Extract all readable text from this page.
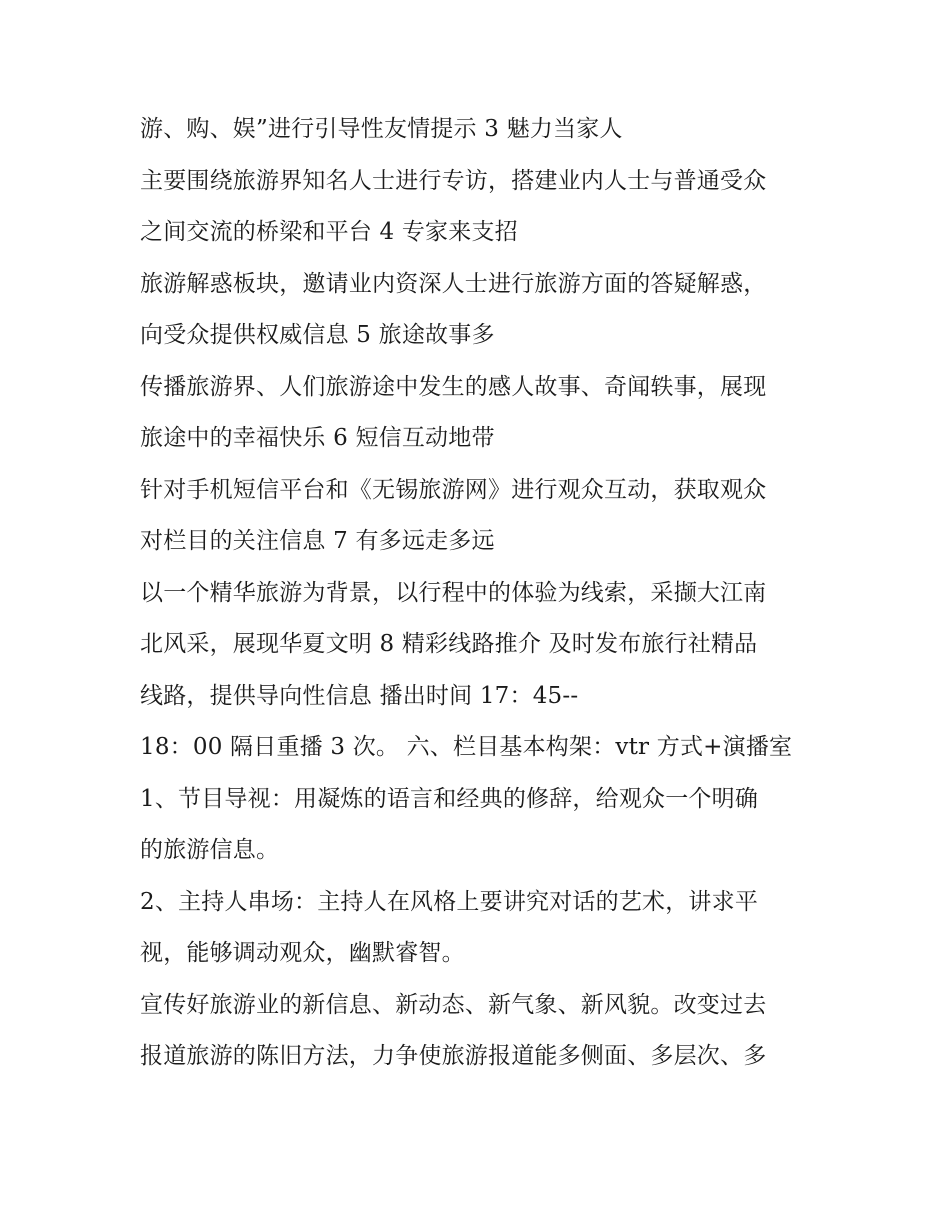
游、购、娱”进行引导性友情提示 3 魅力当家人
主要围绕旅游界知名人士进行专访，搭建业内人士与普通受众
之间交流的桥梁和平台 4 专家来支招
旅游解惑板块，邀请业内资深人士进行旅游方面的答疑解惑，
向受众提供权威信息 5 旅途故事多
传播旅游界、人们旅游途中发生的感人故事、奇闻轶事，展现
旅途中的幸福快乐 6 短信互动地带
针对手机短信平台和《无锡旅游网》进行观众互动，获取观众
对栏目的关注信息 7 有多远走多远
以一个精华旅游为背景，以行程中的体验为线索，采撷大江南
北风采，展现华夏文明 8 精彩线路推介 及时发布旅行社精品
线路，提供导向性信息 播出时间 17：45--
18：00 隔日重播 3 次。 六、栏目基本构架：vtr 方式+演播室
1、节目导视：用凝炼的语言和经典的修辞，给观众一个明确
的旅游信息。
2、主持人串场：主持人在风格上要讲究对话的艺术，讲求平
视，能够调动观众，幽默睿智。
宣传好旅游业的新信息、新动态、新气象、新风貌。改变过去
报道旅游的陈旧方法，力争使旅游报道能多侧面、多层次、多
